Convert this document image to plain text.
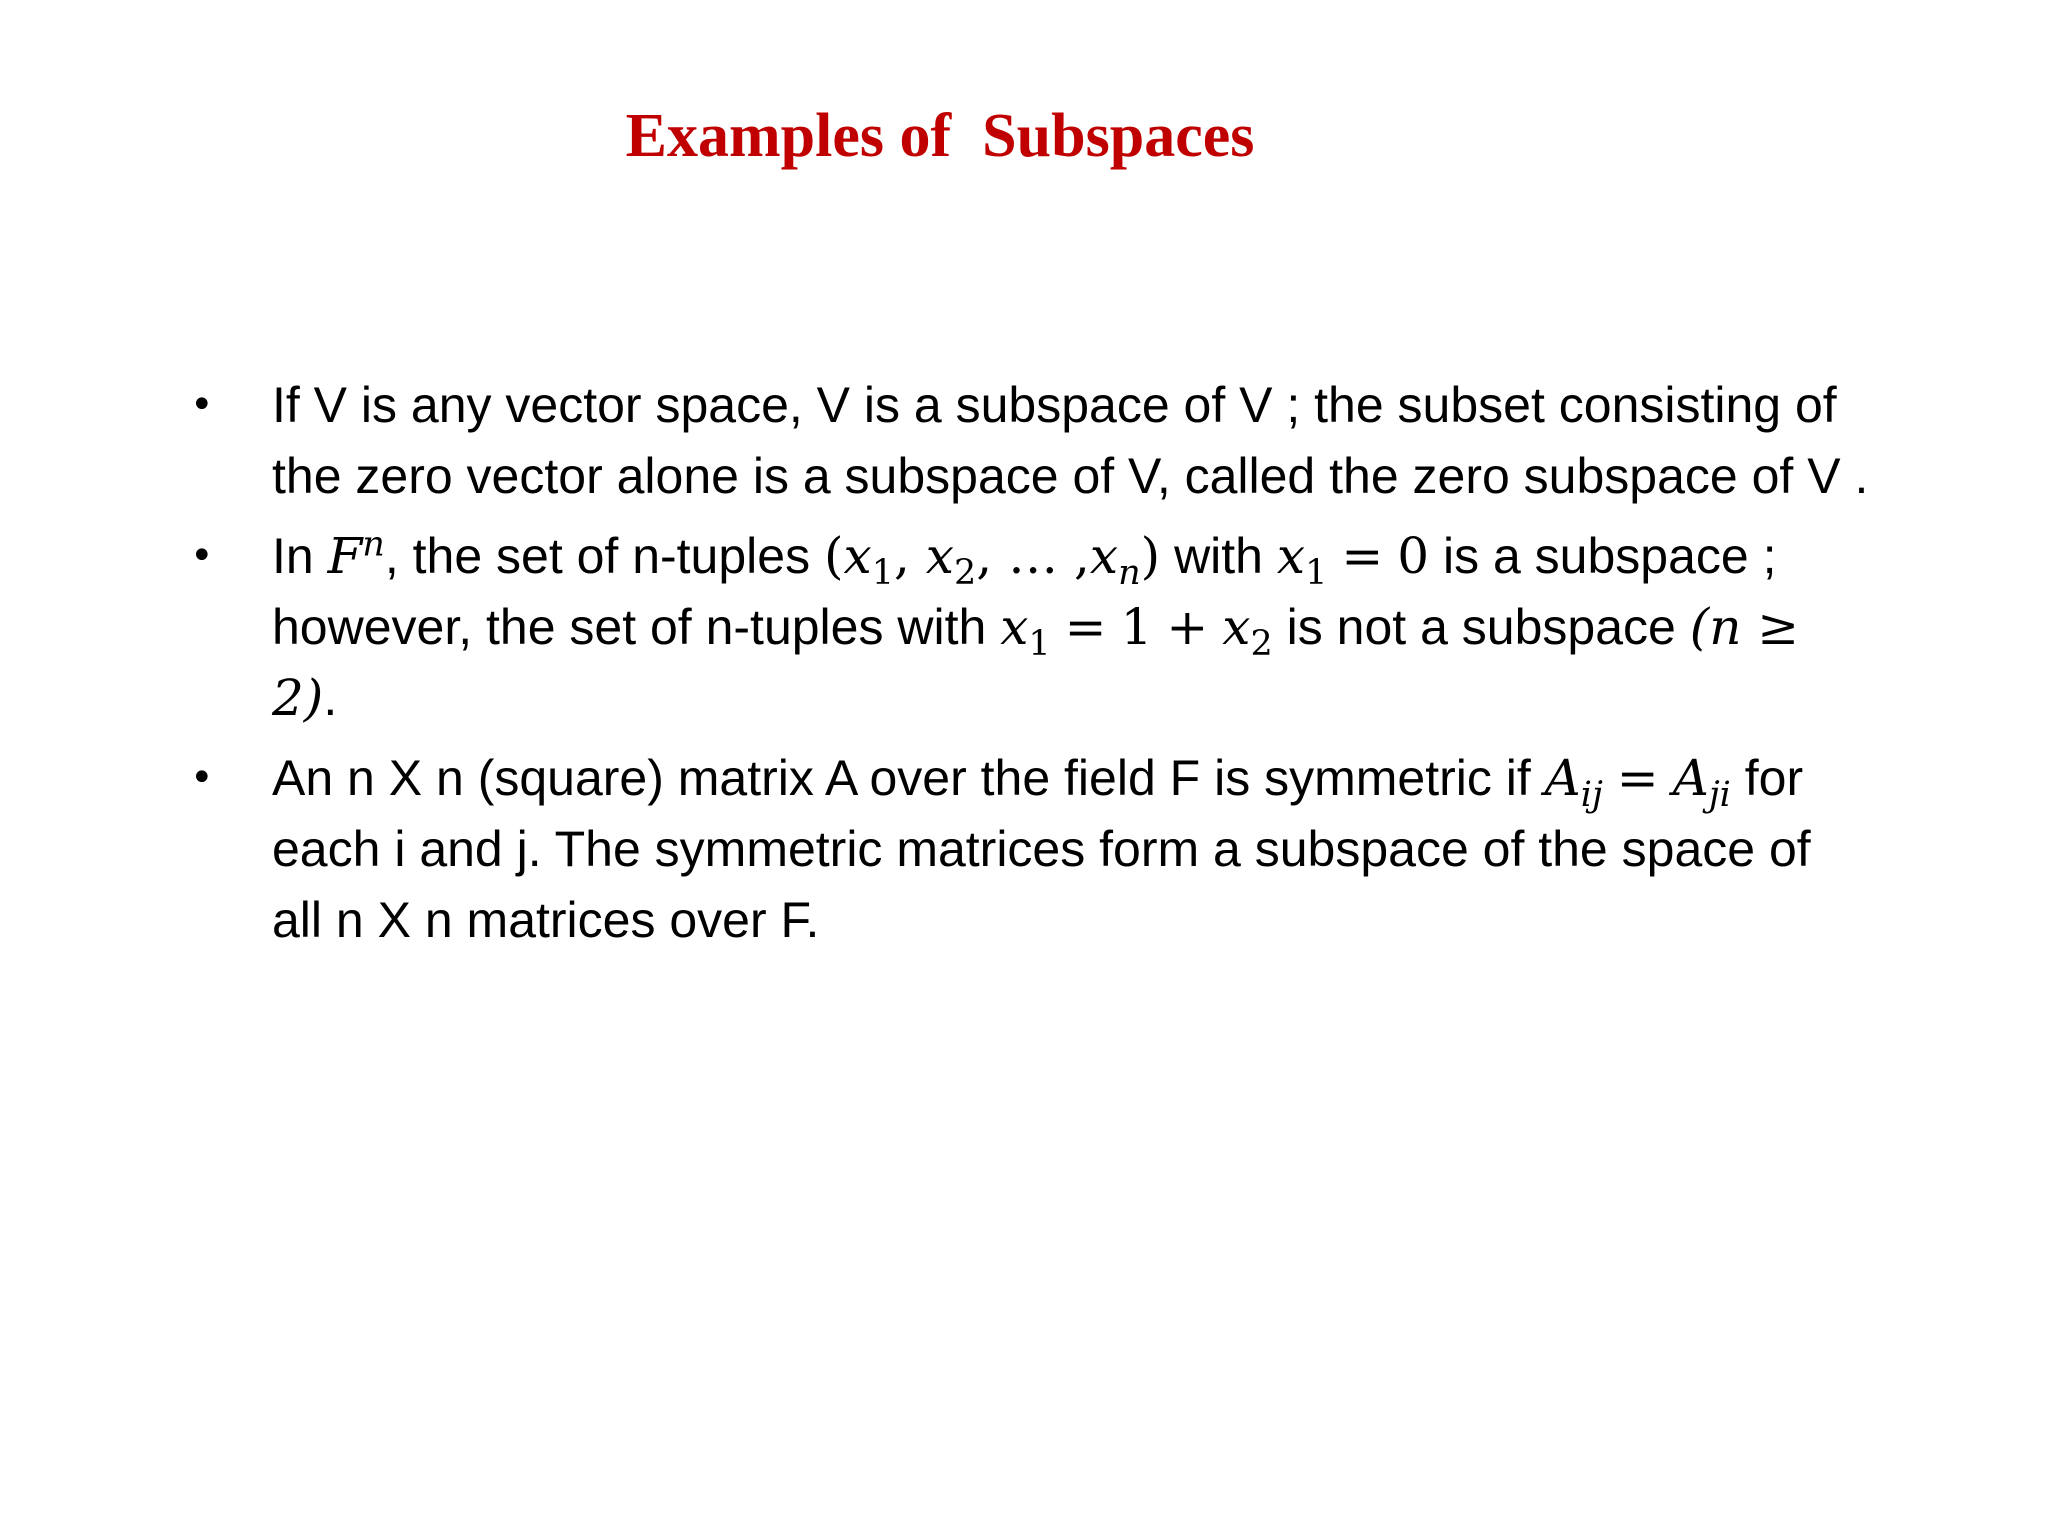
Examples of  Subspaces
• If V is any vector space, V is a subspace of V ; the subset consisting of the zero vector alone is a subspace of V, called the zero subspace of V .
• In $F^n$, the set of n-tuples ($x_1$, $x_2$, … $,x_n$) with $x_1 = 0$ is a subspace ; however, the set of n-tuples with $x_1 = 1 + x_2$ is not a subspace (n ≥ 2).
• An n X n (square) matrix A over the field F is symmetric if $A_{ij} = A_{ji}$ for each i and j. The symmetric matrices form a subspace of the space of all n X n matrices over F.
